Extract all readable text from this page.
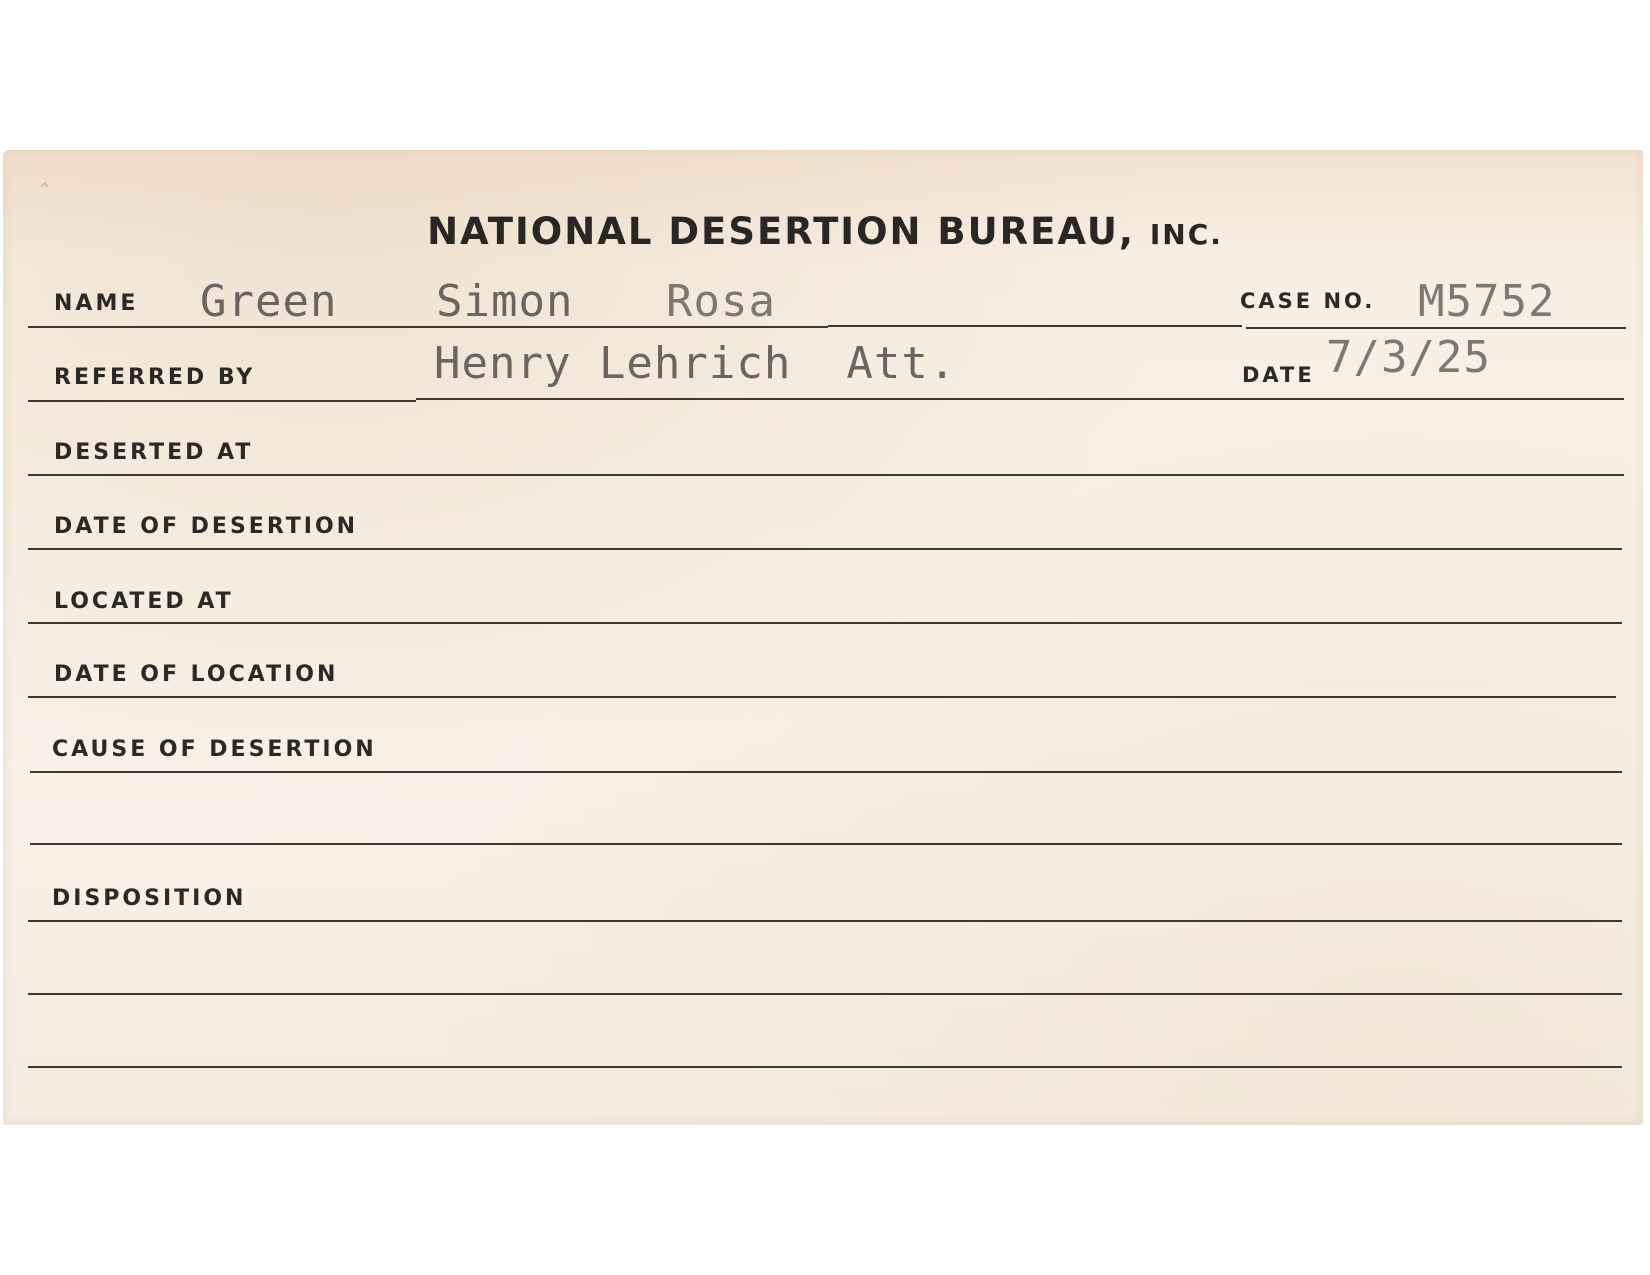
ˆ
NATIONAL DESERTION BUREAU, INC.
NAME Green Simon Rosa	CASE NO. M5752
REFERRED BY	Henry Lehrich  Att.	DATE 7/3/25
DESERTED AT
DATE OF DESERTION
LOCATED AT
DATE OF LOCATION
CAUSE OF DESERTION
DISPOSITION
